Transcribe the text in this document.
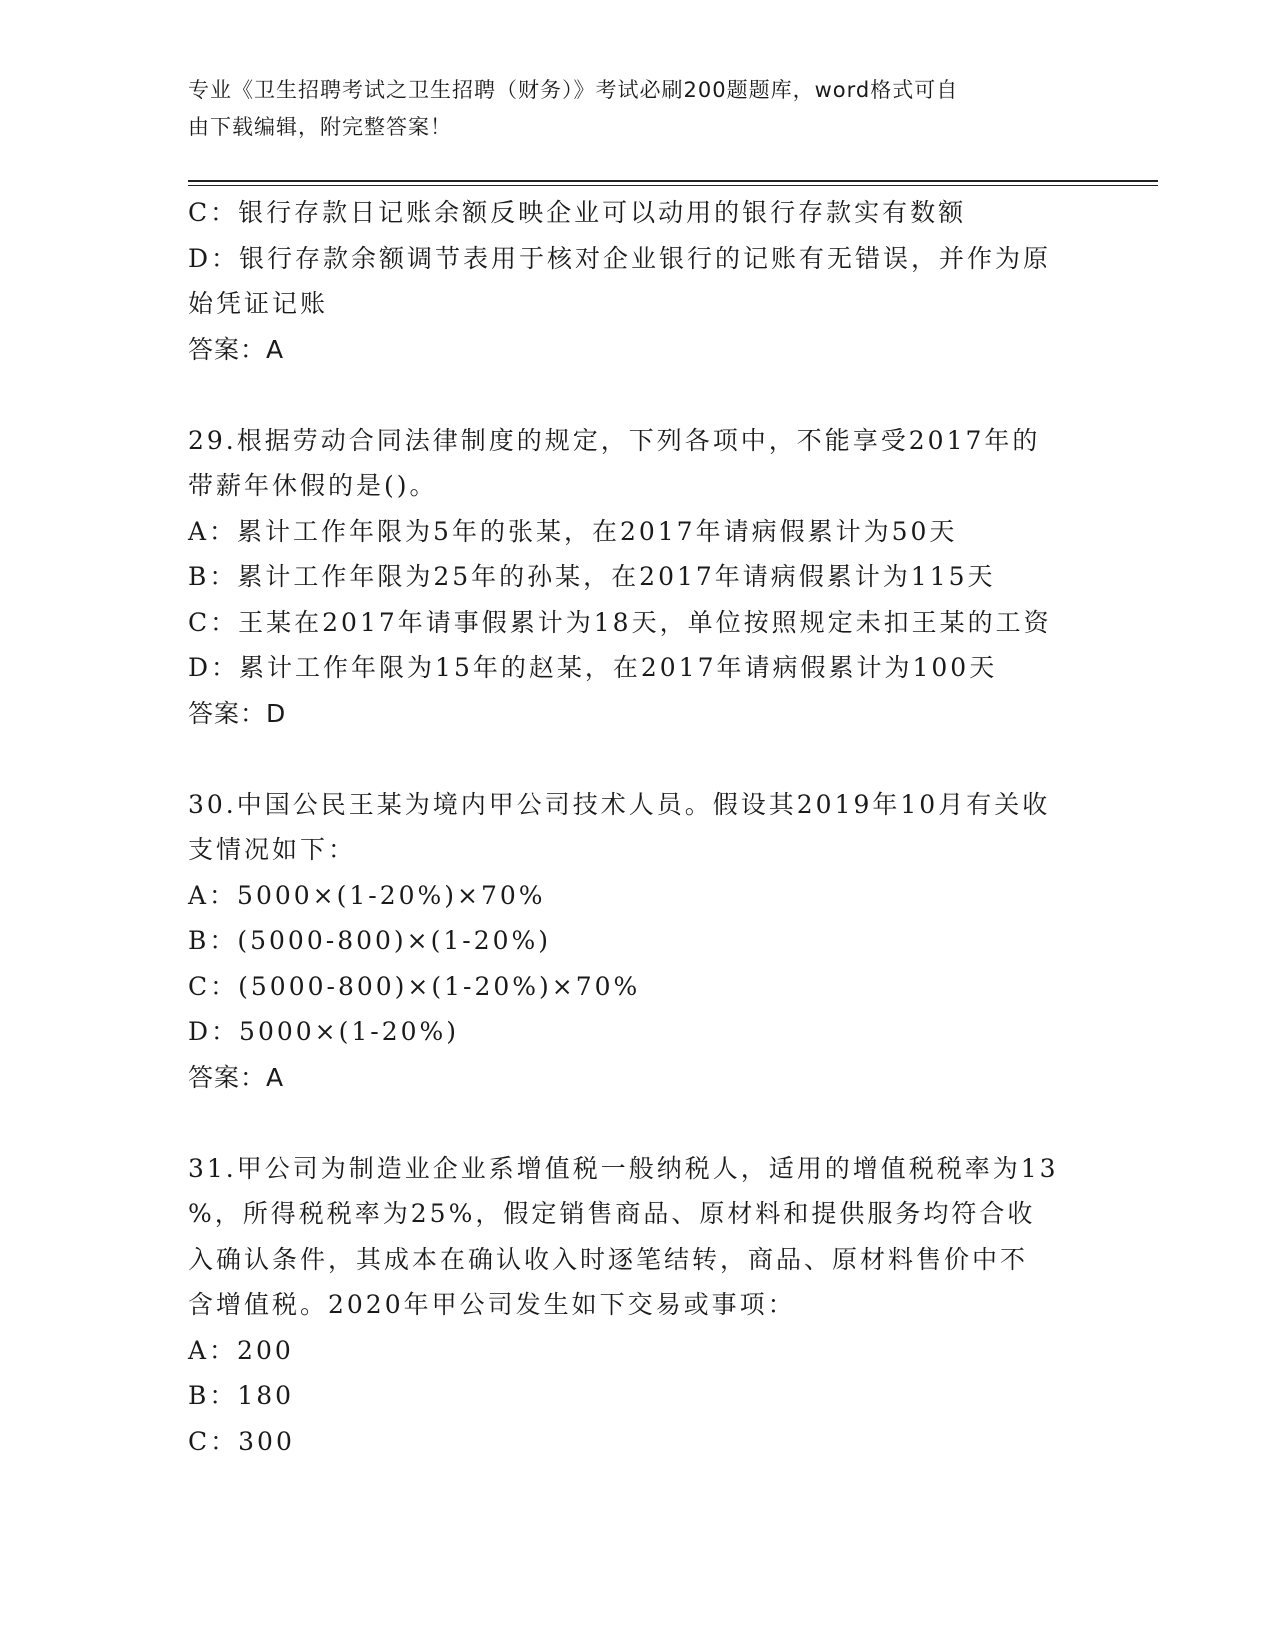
专业《卫生招聘考试之卫生招聘（财务）》考试必刷200题题库，word格式可自
由下载编辑，附完整答案！
C：银行存款日记账余额反映企业可以动用的银行存款实有数额
D：银行存款余额调节表用于核对企业银行的记账有无错误，并作为原
始凭证记账
答案：A
29.根据劳动合同法律制度的规定，下列各项中，不能享受2017年的
带薪年休假的是()。
A：累计工作年限为5年的张某，在2017年请病假累计为50天
B：累计工作年限为25年的孙某，在2017年请病假累计为115天
C：王某在2017年请事假累计为18天，单位按照规定未扣王某的工资
D：累计工作年限为15年的赵某，在2017年请病假累计为100天
答案：D
30.中国公民王某为境内甲公司技术人员。假设其2019年10月有关收
支情况如下：
A：5000×(1-20%)×70%
B：(5000-800)×(1-20%)
C：(5000-800)×(1-20%)×70%
D：5000×(1-20%)
答案：A
31.甲公司为制造业企业系增值税一般纳税人，适用的增值税税率为13
%，所得税税率为25%，假定销售商品、原材料和提供服务均符合收
入确认条件，其成本在确认收入时逐笔结转，商品、原材料售价中不
含增值税。2020年甲公司发生如下交易或事项：
A：200
B：180
C：300
